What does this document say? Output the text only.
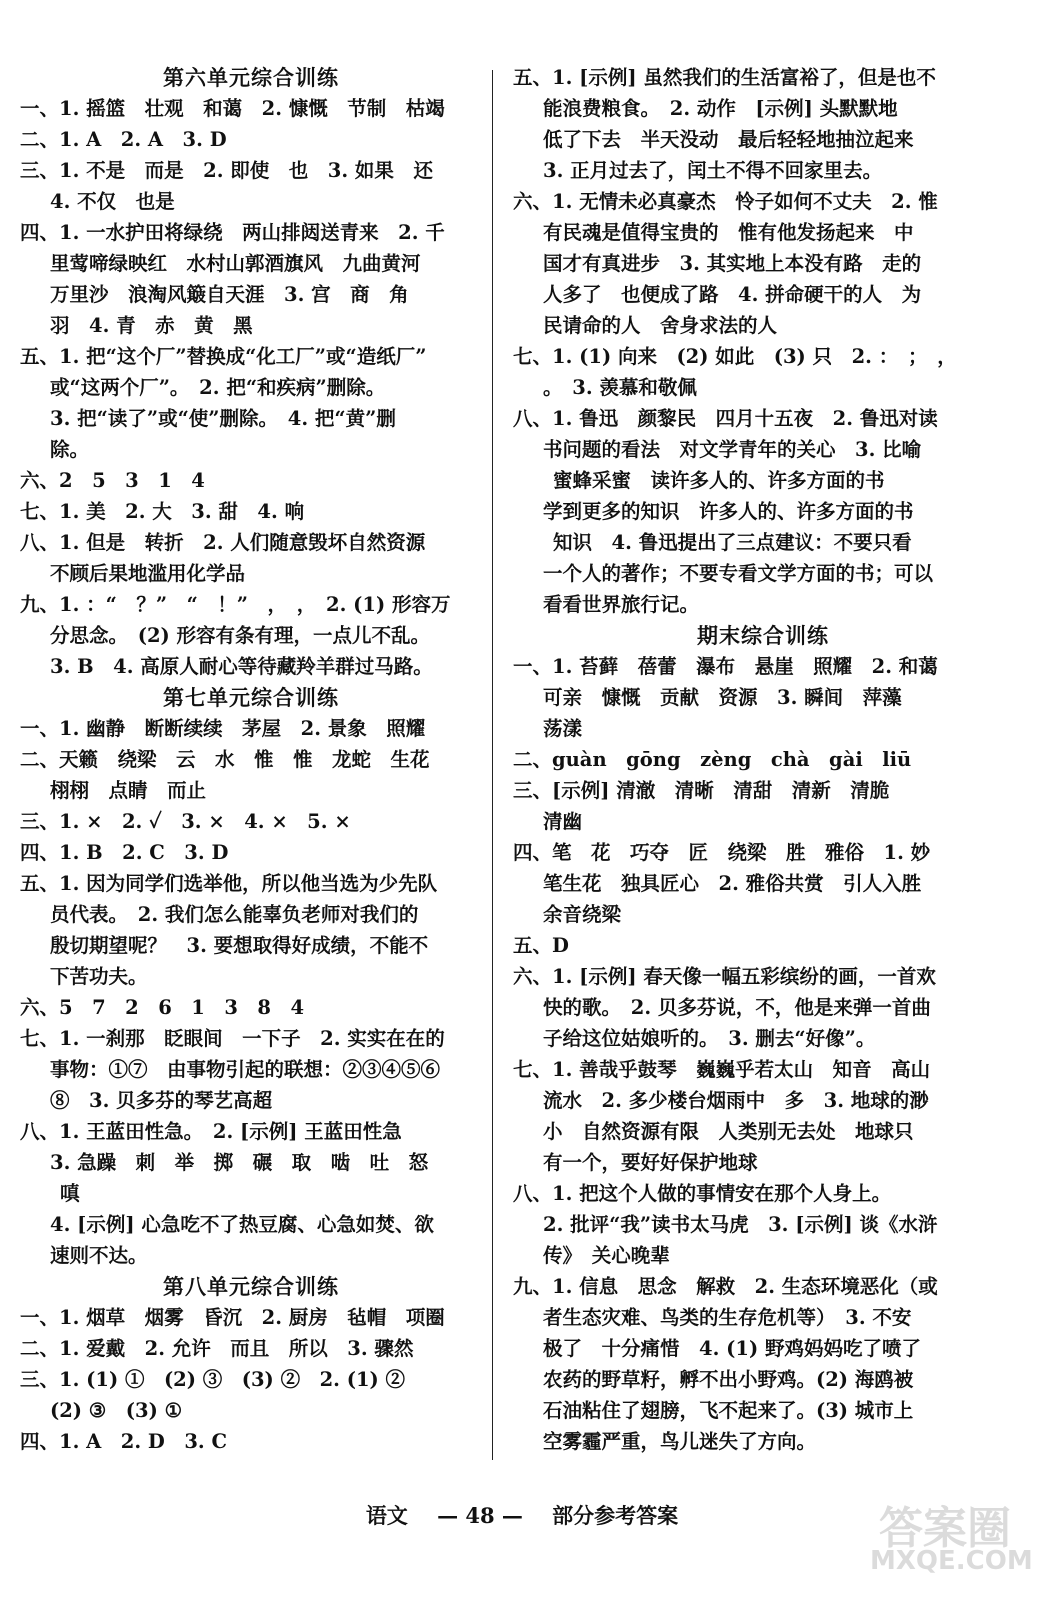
第六单元综合训练
一、1. 摇篮　壮观　和蔼　2. 慷慨　节制　枯竭
二、1. A　2. A　3. D
三、1. 不是　而是　2. 即使　也　3. 如果　还
4. 不仅　也是
四、1. 一水护田将绿绕　两山排闼送青来　2. 千
里莺啼绿映红　水村山郭酒旗风　九曲黄河
万里沙　浪淘风簸自天涯　3. 宫　商　角
羽　4. 青　赤　黄　黑
五、1. 把“这个厂”替换成“化工厂”或“造纸厂”
或“这两个厂”。　2. 把“和疾病”删除。
3. 把“读了”或“使”删除。　4. 把“黄”删
除。
六、2　5　3　1　4
七、1. 美　2. 大　3. 甜　4. 响
八、1. 但是　转折　2. 人们随意毁坏自然资源
不顾后果地滥用化学品
九、1. ：“　？”　“　！”　，　，　2. (1) 形容万
分思念。　(2) 形容有条有理，一点儿不乱。
3. B　4. 高原人耐心等待藏羚羊群过马路。
第七单元综合训练
一、1. 幽静　断断续续　茅屋　2. 景象　照耀
二、天籁　绕梁　云　水　惟　惟　龙蛇　生花
栩栩　点睛　而止
三、1. ×　2. ✓　3. ×　4. ×　5. ×
四、1. B　2. C　3. D
五、1. 因为同学们选举他，所以他当选为少先队
员代表。　2. 我们怎么能辜负老师对我们的
殷切期望呢？　3. 要想取得好成绩，不能不
下苦功夫。
六、5　7　2　6　1　3　8　4
七、1. 一刹那　眨眼间　一下子　2. 实实在在的
事物：①⑦　由事物引起的联想：②③④⑤⑥
⑧　3. 贝多芬的琴艺高超
八、1. 王蓝田性急。　2. [示例] 王蓝田性急
3. 急躁　刺　举　掷　碾　取　啮　吐　怒
嗔
4. [示例] 心急吃不了热豆腐、心急如焚、欲
速则不达。
第八单元综合训练
一、1. 烟草　烟雾　昏沉　2. 厨房　毡帽　项圈
二、1. 爱戴　2. 允许　而且　所以　3. 骤然
三、1. (1) ①　(2) ③　(3) ②　2. (1) ②
(2) ③　(3) ①
四、1. A　2. D　3. C
五、1. [示例] 虽然我们的生活富裕了，但是也不
能浪费粮食。　2. 动作　[示例] 头默默地
低了下去　半天没动　最后轻轻地抽泣起来
3. 正月过去了，闰土不得不回家里去。
六、1. 无情未必真豪杰　怜子如何不丈夫　2. 惟
有民魂是值得宝贵的　惟有他发扬起来　中
国才有真进步　3. 其实地上本没有路　走的
人多了　也便成了路　4. 拼命硬干的人　为
民请命的人　舍身求法的人
七、1. (1) 向来　(2) 如此　(3) 只　2. ：　；　，
。　3. 羡慕和敬佩
八、1. 鲁迅　颜黎民　四月十五夜　2. 鲁迅对读
书问题的看法　对文学青年的关心　3. 比喻
蜜蜂采蜜　读许多人的、许多方面的书
学到更多的知识　许多人的、许多方面的书
知识　4. 鲁迅提出了三点建议：不要只看
一个人的著作；不要专看文学方面的书；可以
看看世界旅行记。
期末综合训练
一、1. 苔藓　蓓蕾　瀑布　悬崖　照耀　2. 和蔼
可亲　慷慨　贡献　资源　3. 瞬间　萍藻
荡漾
二、guàn　gōng　zèng　chà　gài　liū
三、[示例] 清澈　清晰　清甜　清新　清脆
清幽
四、笔　花　巧夺　匠　绕梁　胜　雅俗　1. 妙
笔生花　独具匠心　2. 雅俗共赏　引人入胜
余音绕梁
五、D
六、1. [示例] 春天像一幅五彩缤纷的画，一首欢
快的歌。　2. 贝多芬说，不，他是来弹一首曲
子给这位姑娘听的。　3. 删去“好像”。
七、1. 善哉乎鼓琴　巍巍乎若太山　知音　高山
流水　2. 多少楼台烟雨中　多　3. 地球的渺
小　自然资源有限　人类别无去处　地球只
有一个，要好好保护地球
八、1. 把这个人做的事情安在那个人身上。
2. 批评“我”读书太马虎　3. [示例] 谈《水浒
传》　关心晚辈
九、1. 信息　思念　解救　2. 生态环境恶化（或
者生态灾难、鸟类的生存危机等）　3. 不安
极了　十分痛惜　4. (1) 野鸡妈妈吃了喷了
农药的野草籽，孵不出小野鸡。(2) 海鸥被
石油粘住了翅膀，飞不起来了。(3) 城市上
空雾霾严重，鸟儿迷失了方向。
语文 — 48 — 部分参考答案	答案圈
MXQE.COM
